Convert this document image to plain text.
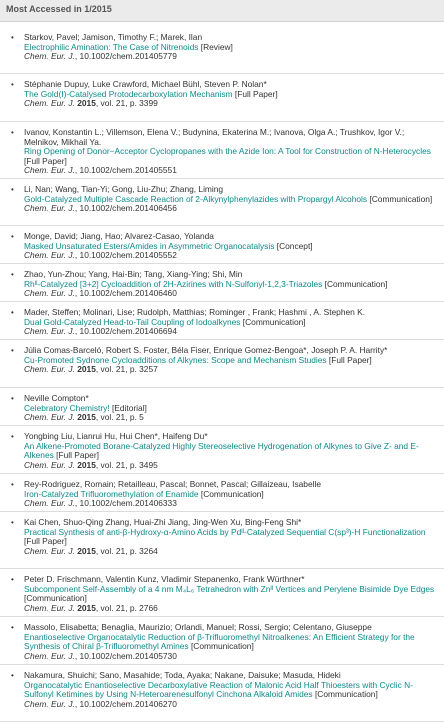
Most Accessed in 1/2015
• Starkov, Pavel; Jamison, Timothy F.; Marek, Ilan
Electrophilic Amination: The Case of Nitrenoids [Review]
Chem. Eur. J., 10.1002/chem.201405779
• Stéphanie Dupuy, Luke Crawford, Michael Bühl, Steven P. Nolan*
The Gold(I)-Catalysed Protodecarboxylation Mechanism [Full Paper]
Chem. Eur. J. 2015, vol. 21, p. 3399
• Ivanov, Konstantin L.; Villemson, Elena V.; Budynina, Ekaterina M.; Ivanova, Olga A.; Trushkov, Igor V.; Melnikov, Mikhail Ya.
Ring Opening of Donor−Acceptor Cyclopropanes with the Azide Ion: A Tool for Construction of N-Heterocycles [Full Paper]
Chem. Eur. J., 10.1002/chem.201405551
• Li, Nan; Wang, Tian-Yi; Gong, Liu-Zhu; Zhang, Liming
Gold-Catalyzed Multiple Cascade Reaction of 2-Alkynylphenylazides with Propargyl Alcohols [Communication]
Chem. Eur. J., 10.1002/chem.201406456
• Monge, David; Jiang, Hao; Alvarez-Casao, Yolanda
Masked Unsaturated Esters/Amides in Asymmetric Organocatalysis [Concept]
Chem. Eur. J., 10.1002/chem.201405552
• Zhao, Yun-Zhou; Yang, Hai-Bin; Tang, Xiang-Ying; Shi, Min
Rhᴵᴵ-Catalyzed [3+2] Cycloaddition of 2H-Azirines with N-Sulfonyl-1,2,3-Triazoles [Communication]
Chem. Eur. J., 10.1002/chem.201406460
• Mader, Steffen; Molinari, Lise; Rudolph, Matthias; Rominger , Frank; Hashmi , A. Stephen K.
Dual Gold-Catalyzed Head-to-Tail Coupling of Iodoalkynes [Communication]
Chem. Eur. J., 10.1002/chem.201406694
• Júlia Comas-Barceló, Robert S. Foster, Béla Fiser, Enrique Gomez-Bengoa*, Joseph P. A. Harrity*
Cu-Promoted Sydnone Cycloadditions of Alkynes: Scope and Mechanism Studies [Full Paper]
Chem. Eur. J. 2015, vol. 21, p. 3257
• Neville Compton*
Celebratory Chemistry! [Editorial]
Chem. Eur. J. 2015, vol. 21, p. 5
• Yongbing Liu, Lianrui Hu, Hui Chen*, Haifeng Du*
An Alkene-Promoted Borane-Catalyzed Highly Stereoselective Hydrogenation of Alkynes to Give Z- and E-Alkenes [Full Paper]
Chem. Eur. J. 2015, vol. 21, p. 3495
• Rey-Rodriguez, Romain; Retailleau, Pascal; Bonnet, Pascal; Gillaizeau, Isabelle
Iron-Catalyzed Trifluoromethylation of Enamide [Communication]
Chem. Eur. J., 10.1002/chem.201406333
• Kai Chen, Shuo-Qing Zhang, Huai-Zhi Jiang, Jing-Wen Xu, Bing-Feng Shi*
Practical Synthesis of anti-β-Hydroxy-α-Amino Acids by Pdᴵᴵ-Catalyzed Sequential C(sp³)-H Functionalization [Full Paper]
Chem. Eur. J. 2015, vol. 21, p. 3264
• Peter D. Frischmann, Valentin Kunz, Vladimir Stepanenko, Frank Würthner*
Subcomponent Self-Assembly of a 4 nm M₄L₆ Tetrahedron with Znᴵᴵ Vertices and Perylene Bisimide Dye Edges [Communication]
Chem. Eur. J. 2015, vol. 21, p. 2766
• Massolo, Elisabetta; Benaglia, Maurizio; Orlandi, Manuel; Rossi, Sergio; Celentano, Giuseppe
Enantioselective Organocatalytic Reduction of β-Trifluoromethyl Nitroalkenes: An Efficient Strategy for the Synthesis of Chiral β-Trifluoromethyl Amines [Communication]
Chem. Eur. J., 10.1002/chem.201405730
• Nakamura, Shuichi; Sano, Masahide; Toda, Ayaka; Nakane, Daisuke; Masuda, Hideki
Organocatalytic Enantioselective Decarboxylative Reaction of Malonic Acid Half Thioesters with Cyclic N-Sulfonyl Ketimines by Using N-Heteroarenesulfonyl Cinchona Alkaloid Amides [Communication]
Chem. Eur. J., 10.1002/chem.201406270
